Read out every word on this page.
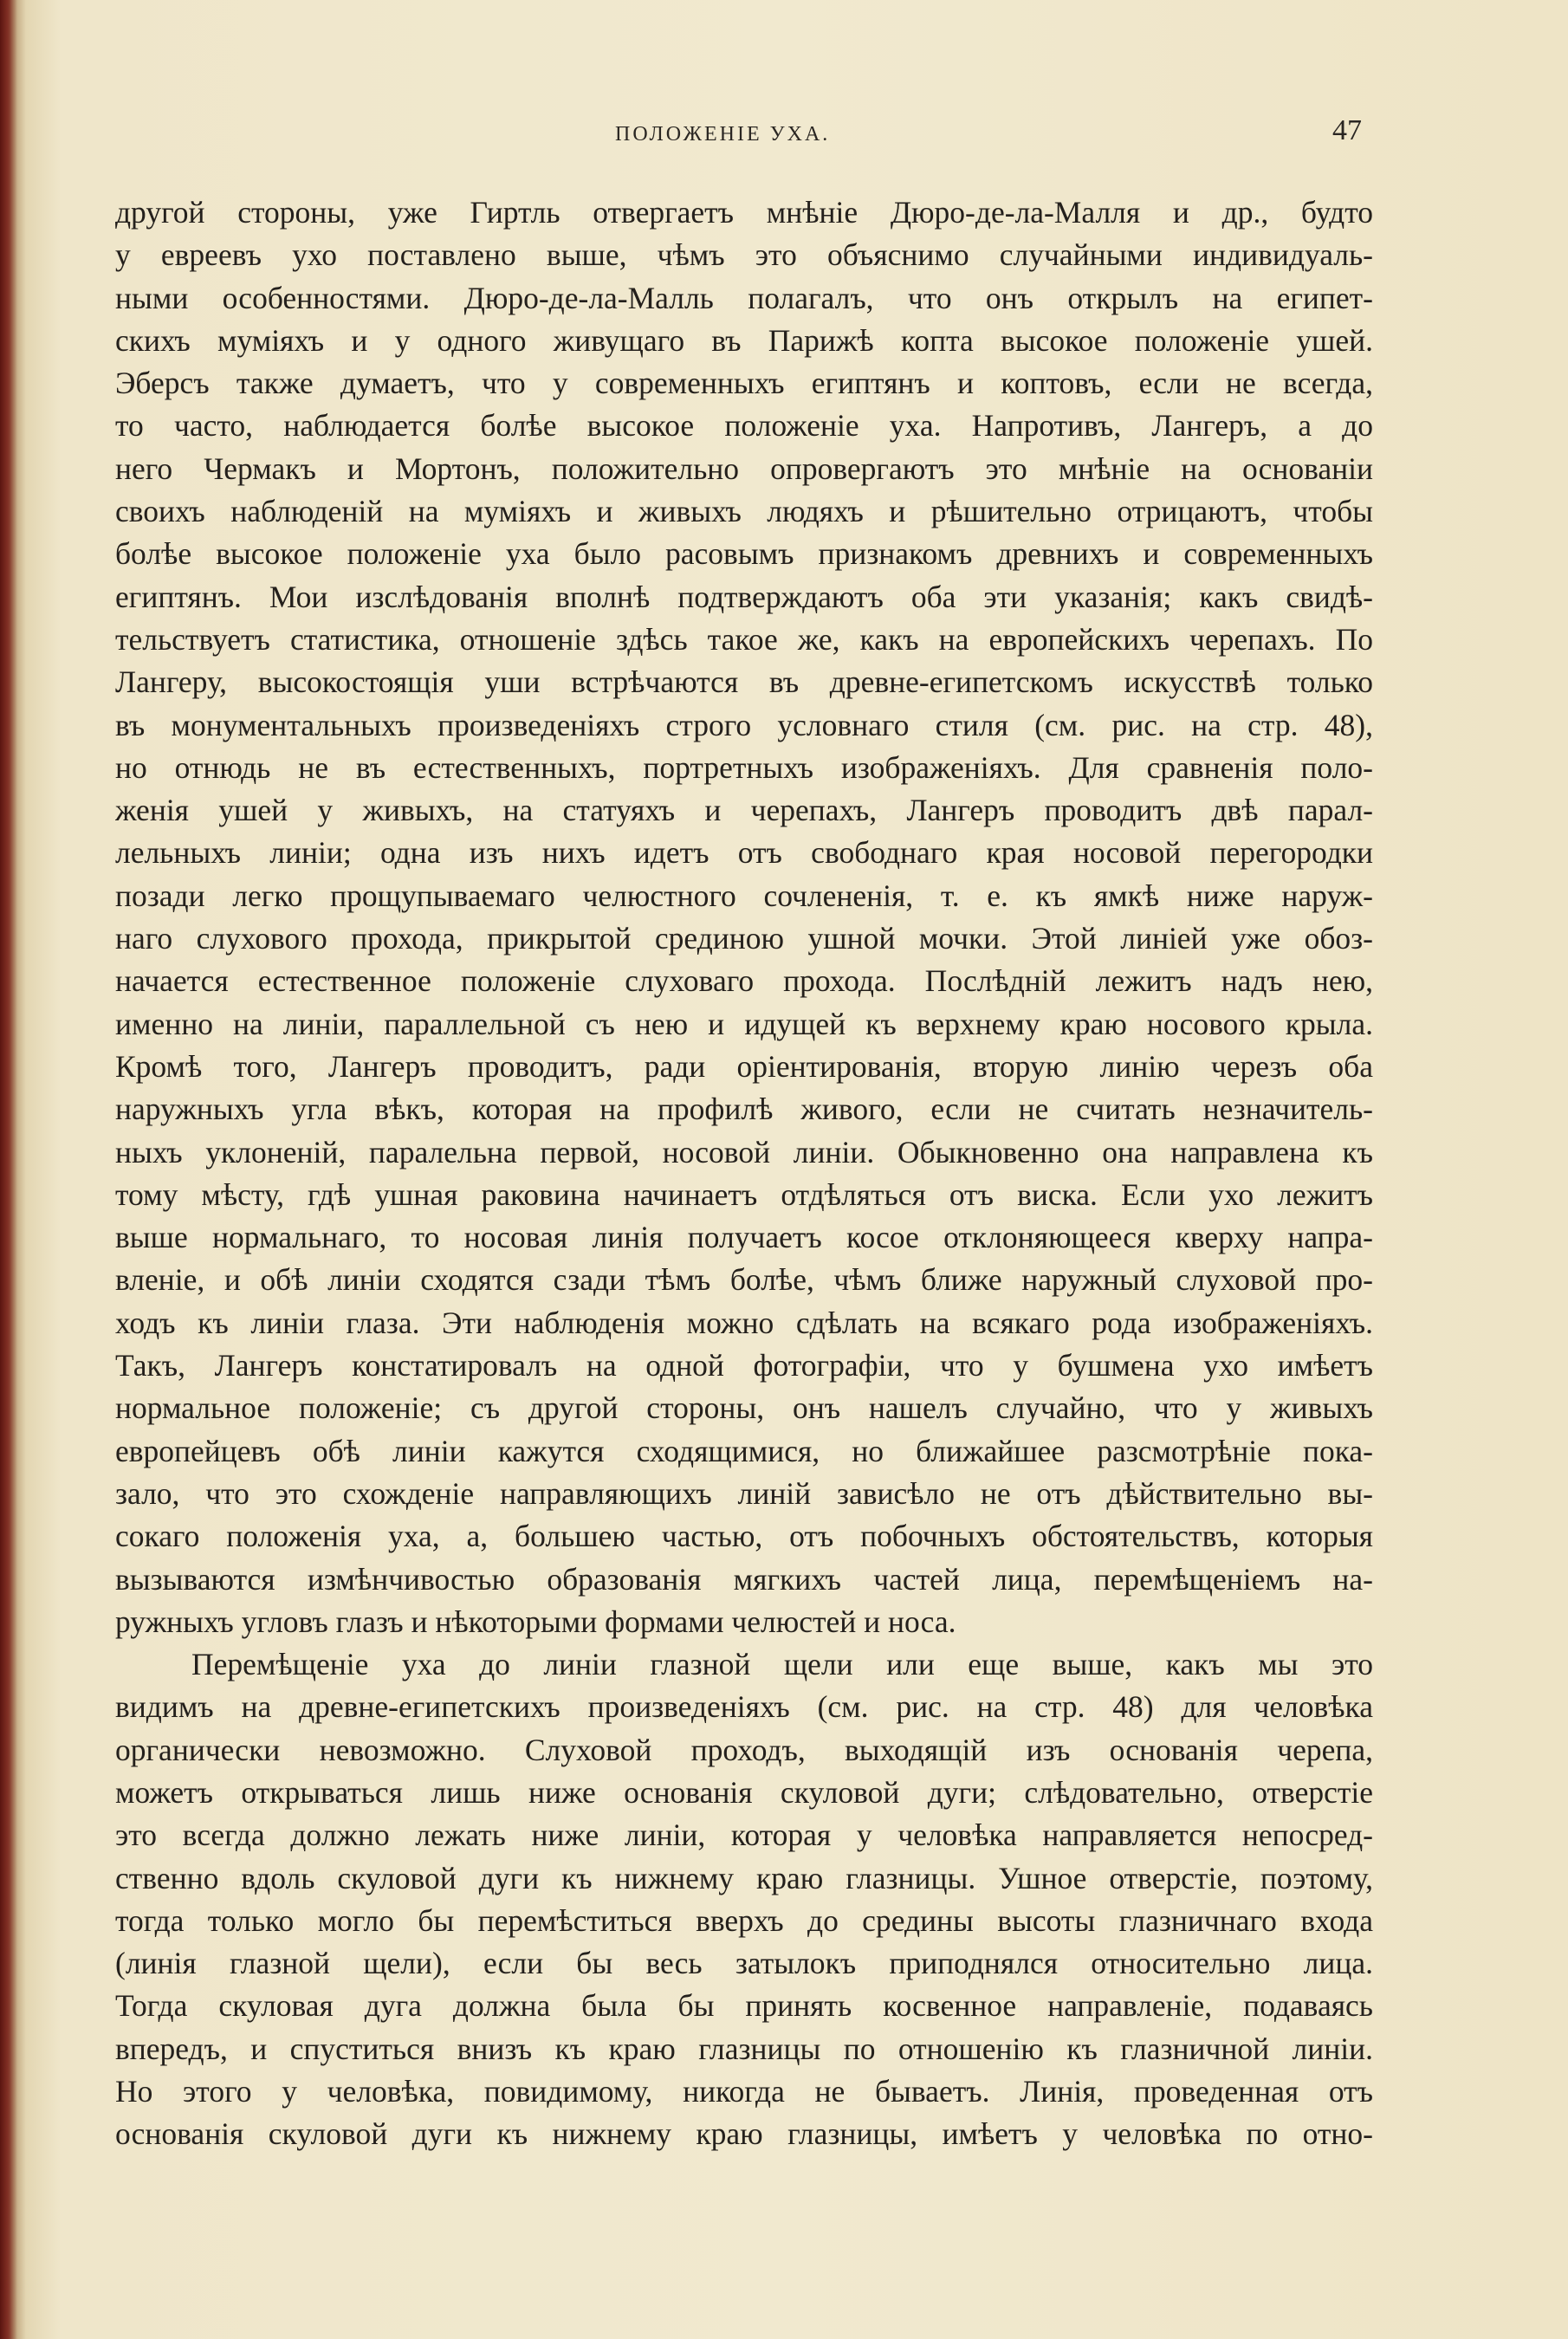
ПОЛОЖЕНІЕ УХА.	47
другой стороны, уже Гиртль отвергаетъ мнѣніе Дюро-де-ла-Малля и др., будто
у евреевъ ухо поставлено выше, чѣмъ это объяснимо случайными индивидуаль-
ными особенностями. Дюро-де-ла-Малль полагалъ, что онъ открылъ на египет-
скихъ муміяхъ и у одного живущаго въ Парижѣ копта высокое положеніе ушей.
Эберсъ также думаетъ, что у современныхъ египтянъ и коптовъ, если не всегда,
то часто, наблюдается болѣе высокое положеніе уха. Напротивъ, Лангеръ, а до
него Чермакъ и Мортонъ, положительно опровергаютъ это мнѣніе на основаніи
своихъ наблюденій на муміяхъ и живыхъ людяхъ и рѣшительно отрицаютъ, чтобы
болѣе высокое положеніе уха было расовымъ признакомъ древнихъ и современныхъ
египтянъ. Мои изслѣдованія вполнѣ подтверждаютъ оба эти указанія; какъ свидѣ-
тельствуетъ статистика, отношеніе здѣсь такое же, какъ на европейскихъ черепахъ. По
Лангеру, высокостоящія уши встрѣчаются въ древне-египетскомъ искусствѣ только
въ монументальныхъ произведеніяхъ строго условнаго стиля (см. рис. на стр. 48),
но отнюдь не въ естественныхъ, портретныхъ изображеніяхъ. Для сравненія поло-
женія ушей у живыхъ, на статуяхъ и черепахъ, Лангеръ проводитъ двѣ парал-
лельныхъ линіи; одна изъ нихъ идетъ отъ свободнаго края носовой перегородки
позади легко прощупываемаго челюстного сочлененія, т. е. къ ямкѣ ниже наруж-
наго слухового прохода, прикрытой срединою ушной мочки. Этой линіей уже обоз-
начается естественное положеніе слуховаго прохода. Послѣдній лежитъ надъ нею,
именно на линіи, параллельной съ нею и идущей къ верхнему краю носового крыла.
Кромѣ того, Лангеръ проводитъ, ради оріентированія, вторую линію черезъ оба
наружныхъ угла вѣкъ, которая на профилѣ живого, если не считать незначитель-
ныхъ уклоненій, паралельна первой, носовой линіи. Обыкновенно она направлена къ
тому мѣсту, гдѣ ушная раковина начинаетъ отдѣляться отъ виска. Если ухо лежитъ
выше нормальнаго, то носовая линія получаетъ косое отклоняющееся кверху напра-
вленіе, и обѣ линіи сходятся сзади тѣмъ болѣе, чѣмъ ближе наружный слуховой про-
ходъ къ линіи глаза. Эти наблюденія можно сдѣлать на всякаго рода изображеніяхъ.
Такъ, Лангеръ констатировалъ на одной фотографіи, что у бушмена ухо имѣетъ
нормальное положеніе; съ другой стороны, онъ нашелъ случайно, что у живыхъ
европейцевъ обѣ линіи кажутся сходящимися, но ближайшее разсмотрѣніе пока-
зало, что это схожденіе направляющихъ линій зависѣло не отъ дѣйствительно вы-
сокаго положенія уха, а, большею частью, отъ побочныхъ обстоятельствъ, которыя
вызываются измѣнчивостью образованія мягкихъ частей лица, перемѣщеніемъ на-
ружныхъ угловъ глазъ и нѣкоторыми формами челюстей и носа.
Перемѣщеніе уха до линіи глазной щели или еще выше, какъ мы это
видимъ на древне-египетскихъ произведеніяхъ (см. рис. на стр. 48) для человѣка
органически невозможно. Слуховой проходъ, выходящій изъ основанія черепа,
можетъ открываться лишь ниже основанія скуловой дуги; слѣдовательно, отверстіе
это всегда должно лежать ниже линіи, которая у человѣка направляется непосред-
ственно вдоль скуловой дуги къ нижнему краю глазницы. Ушное отверстіе, поэтому,
тогда только могло бы перемѣститься вверхъ до средины высоты глазничнаго входа
(линія глазной щели), если бы весь затылокъ приподнялся относительно лица.
Тогда скуловая дуга должна была бы принять косвенное направленіе, подаваясь
впередъ, и спуститься внизъ къ краю глазницы по отношенію къ глазничной линіи.
Но этого у человѣка, повидимому, никогда не бываетъ. Линія, проведенная отъ
основанія скуловой дуги къ нижнему краю глазницы, имѣетъ у человѣка по отно-
